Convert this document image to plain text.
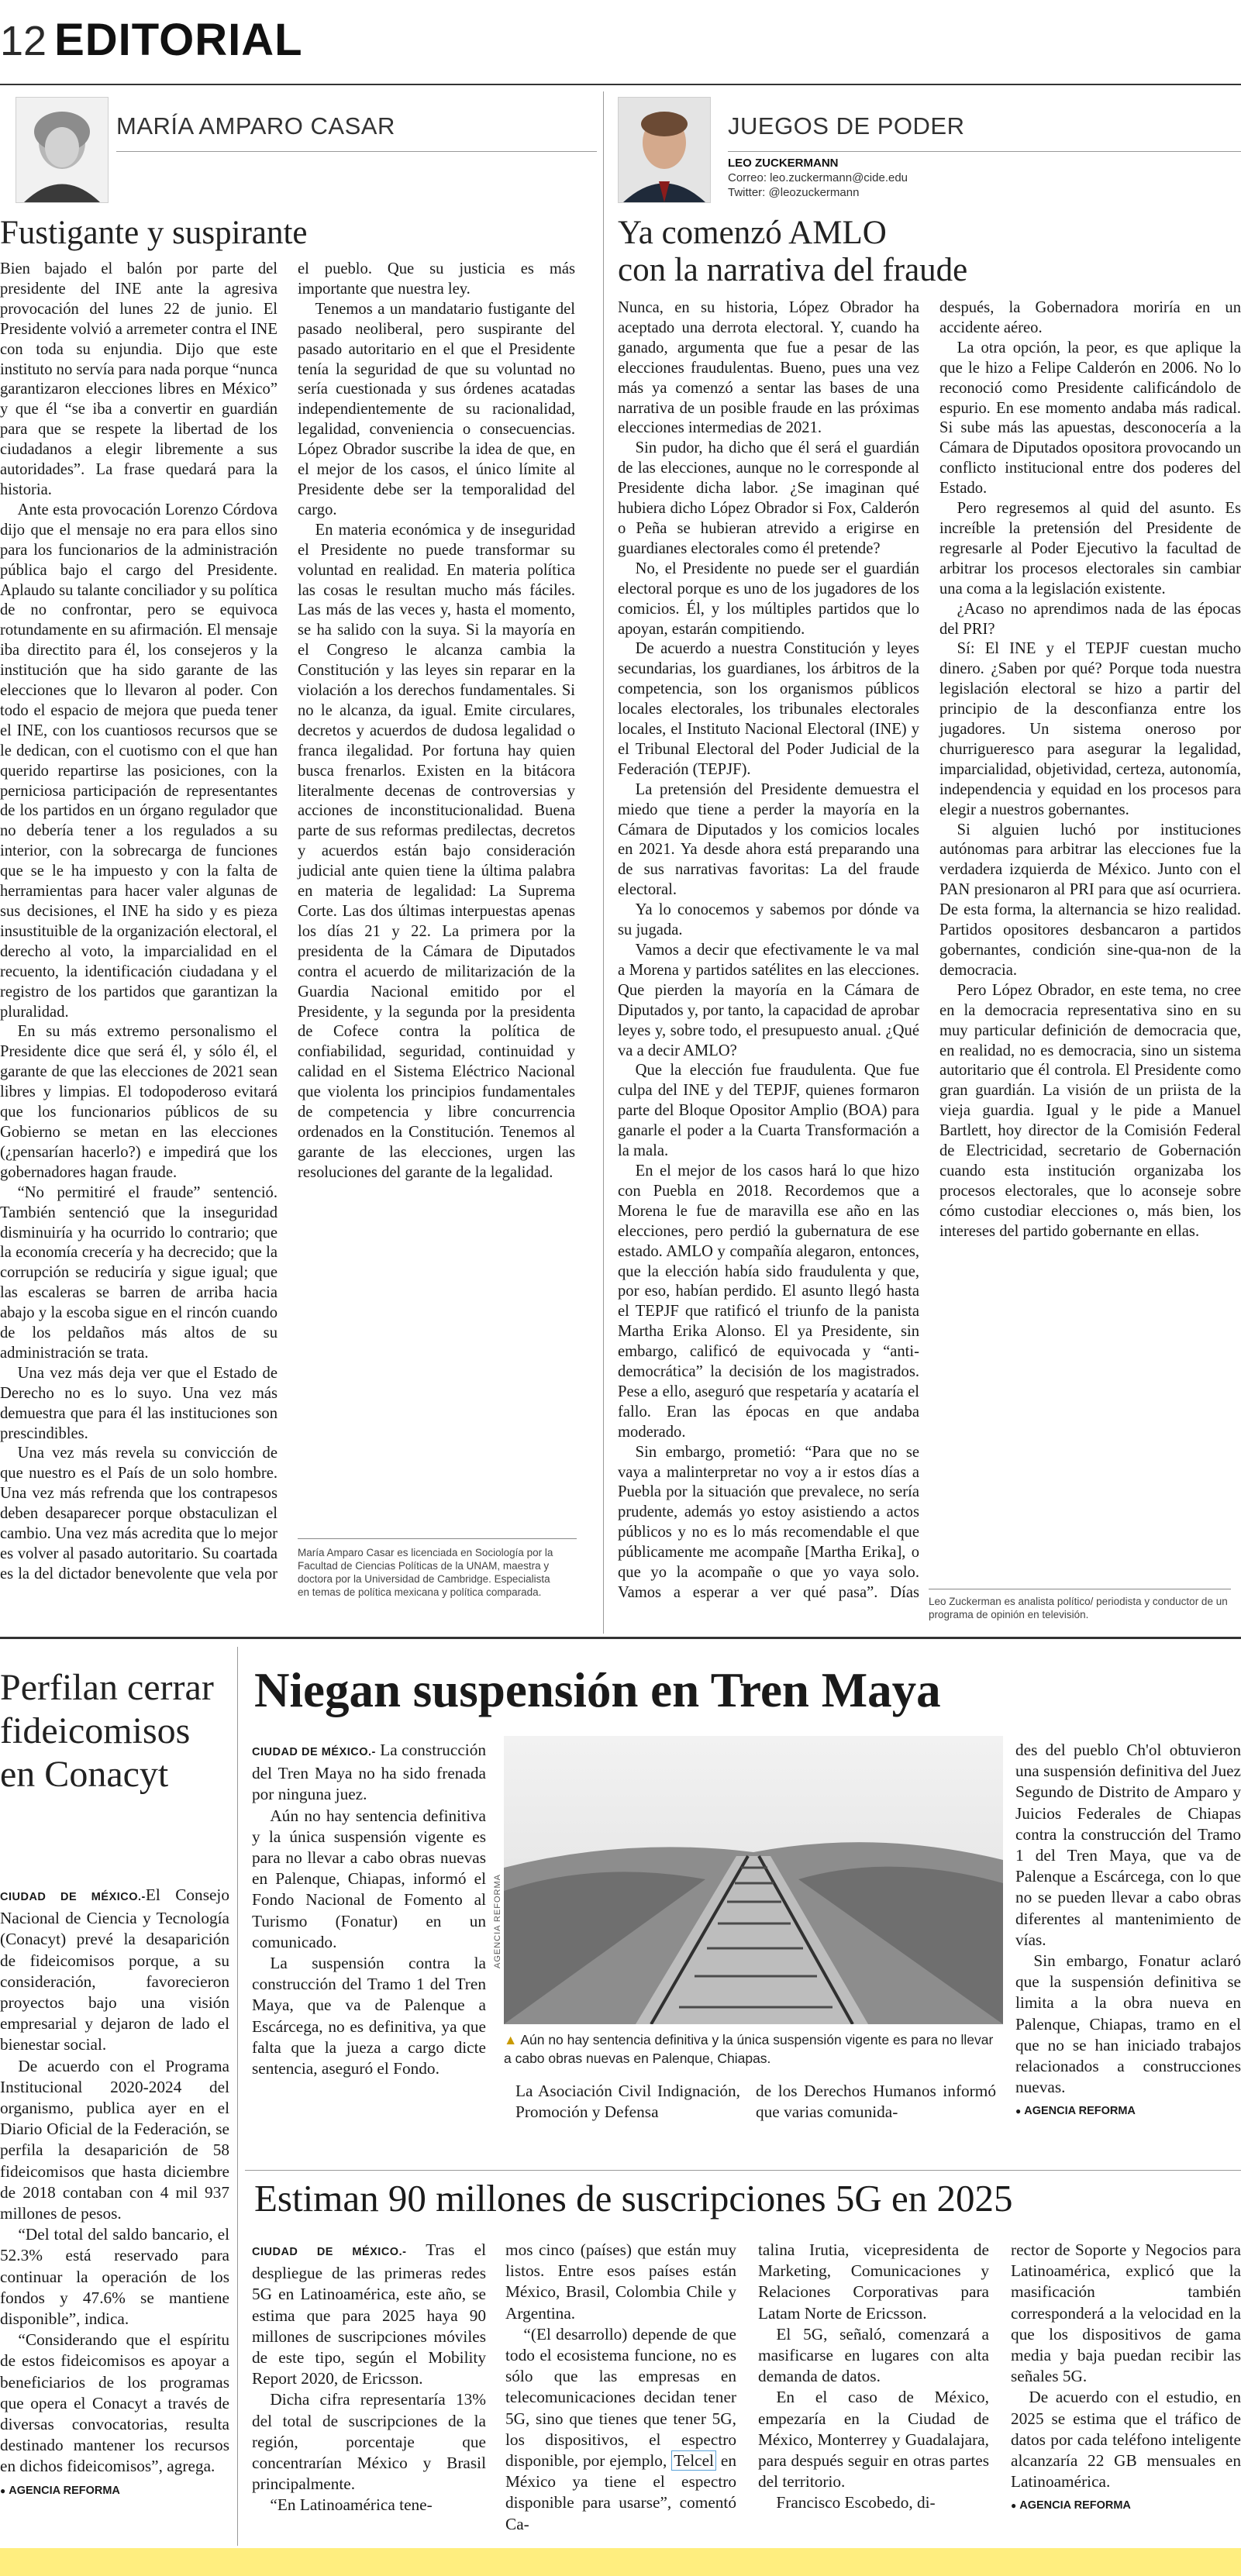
12 EDITORIAL
MARÍA AMPARO CASAR
Fustigante y suspirante

Bien bajado el balón por parte del presidente del INE ante la agresiva provocación del lunes 22 de junio. El Presidente volvió a arremeter contra el INE con toda su enjundia. Dijo que este instituto no servía para nada porque “nunca garantizaron elecciones libres en México” y que él “se iba a convertir en guardián para que se respete la libertad de los ciudadanos a elegir libremente a sus autoridades”. La frase quedará para la historia.

Ante esta provocación Lorenzo Córdova dijo que el mensaje no era para ellos sino para los funcionarios de la administración pública bajo el cargo del Presidente. Aplaudo su talante conciliador y su política de no confrontar, pero se equivoca rotundamente en su afirmación. El mensaje iba directito para él, los consejeros y la institución que ha sido garante de las elecciones que lo llevaron al poder. Con todo el espacio de mejora que pueda tener el INE, con los cuantiosos recursos que se le dedican, con el cuotismo con el que han querido repartirse las posiciones, con la perniciosa participación de representantes de los partidos en un órgano regulador que no debería tener a los regulados a su interior, con la sobrecarga de funciones que se le ha impuesto y con la falta de herramientas para hacer valer algunas de sus decisiones, el INE ha sido y es pieza insustituible de la organización electoral, el derecho al voto, la imparcialidad en el recuento, la identificación ciudadana y el registro de los partidos que garantizan la pluralidad.

En su más extremo personalismo el Presidente dice que será él, y sólo él, el garante de que las elecciones de 2021 sean libres y limpias. El todopoderoso evitará que los funcionarios públicos de su Gobierno se metan en las elecciones (¿pensarían hacerlo?) e impedirá que los gobernadores hagan fraude.

“No permitiré el fraude” sentenció. También sentenció que la inseguridad disminuiría y ha ocurrido lo contrario; que la economía crecería y ha decrecido; que la corrupción se reduciría y sigue igual; que las escaleras se barren de arriba hacia abajo y la escoba sigue en el rincón cuando de los peldaños más altos de su administración se trata.

Una vez más deja ver que el Estado de Derecho no es lo suyo. Una vez más demuestra que para él las instituciones son prescindibles.

Una vez más revela su convicción de que nuestro es el País de un solo hombre. Una vez más refrenda que los contrapesos deben desaparecer porque obstaculizan el cambio. Una vez más acredita que lo mejor es volver al pasado autoritario. Su coartada es la del dictador benevolente que vela por el pueblo. Que su justicia es más importante que nuestra ley.

Tenemos a un mandatario fustigante del pasado neoliberal, pero suspirante del pasado autoritario en el que el Presidente tenía la seguridad de que su voluntad no sería cuestionada y sus órdenes acatadas independientemente de su racionalidad, legalidad, conveniencia o consecuencias. López Obrador suscribe la idea de que, en el mejor de los casos, el único límite al Presidente debe ser la temporalidad del cargo.

En materia económica y de inseguridad el Presidente no puede transformar su voluntad en realidad. En materia política las cosas le resultan mucho más fáciles. Las más de las veces y, hasta el momento, se ha salido con la suya. Si la mayoría en el Congreso le alcanza cambia la Constitución y las leyes sin reparar en la violación a los derechos fundamentales. Si no le alcanza, da igual. Emite circulares, decretos y acuerdos de dudosa legalidad o franca ilegalidad. Por fortuna hay quien busca frenarlos. Existen en la bitácora literalmente decenas de controversias y acciones de inconstitucionalidad. Buena parte de sus reformas predilectas, decretos y acuerdos están bajo consideración judicial ante quien tiene la última palabra en materia de legalidad: La Suprema Corte. Las dos últimas interpuestas apenas los días 21 y 22. La primera por la presidenta de la Cámara de Diputados contra el acuerdo de militarización de la Guardia Nacional emitido por el Presidente, y la segunda por la presidenta de Cofece contra la política de confiabilidad, seguridad, continuidad y calidad en el Sistema Eléctrico Nacional que violenta los principios fundamentales de competencia y libre concurrencia ordenados en la Constitución. Tenemos al garante de las elecciones, urgen las resoluciones del garante de la legalidad.

María Amparo Casar es licenciada en Sociología por la Facultad de Ciencias Políticas de la UNAM, maestra y doctora por la Universidad de Cambridge. Especialista en temas de política mexicana y política comparada.
JUEGOS DE PODER
LEO ZUCKERMANN
Correo: leo.zuckermann@cide.edu
Twitter: @leozuckermann
Ya comenzó AMLO
con la narrativa del fraude

Nunca, en su historia, López Obrador ha aceptado una derrota electoral. Y, cuando ha ganado, argumenta que fue a pesar de las elecciones fraudulentas. Bueno, pues una vez más ya comenzó a sentar las bases de una narrativa de un posible fraude en las próximas elecciones intermedias de 2021.

Sin pudor, ha dicho que él será el guardián de las elecciones, aunque no le corresponde al Presidente dicha labor. ¿Se imaginan qué hubiera dicho López Obrador si Fox, Calderón o Peña se hubieran atrevido a erigirse en guardianes electorales como él pretende?

No, el Presidente no puede ser el guardián electoral porque es uno de los jugadores de los comicios. Él, y los múltiples partidos que lo apoyan, estarán compitiendo.

De acuerdo a nuestra Constitución y leyes secundarias, los guardianes, los árbitros de la competencia, son los organismos públicos locales electorales, los tribunales electorales locales, el Instituto Nacional Electoral (INE) y el Tribunal Electoral del Poder Judicial de la Federación (TEPJF).

La pretensión del Presidente demuestra el miedo que tiene a perder la mayoría en la Cámara de Diputados y los comicios locales en 2021. Ya desde ahora está preparando una de sus narrativas favoritas: La del fraude electoral.

Ya lo conocemos y sabemos por dónde va su jugada.

Vamos a decir que efectivamente le va mal a Morena y partidos satélites en las elecciones. Que pierden la mayoría en la Cámara de Diputados y, por tanto, la capacidad de aprobar leyes y, sobre todo, el presupuesto anual. ¿Qué va a decir AMLO?

Que la elección fue fraudulenta. Que fue culpa del INE y del TEPJF, quienes formaron parte del Bloque Opositor Amplio (BOA) para ganarle el poder a la Cuarta Transformación a la mala.

En el mejor de los casos hará lo que hizo con Puebla en 2018. Recordemos que a Morena le fue de maravilla ese año en las elecciones, pero perdió la gubernatura de ese estado. AMLO y compañía alegaron, entonces, que la elección había sido fraudulenta y que, por eso, habían perdido. El asunto llegó hasta el TEPJF que ratificó el triunfo de la panista Martha Erika Alonso. El ya Presidente, sin embargo, calificó de equivocada y “anti-democrática” la decisión de los magistrados. Pese a ello, aseguró que respetaría y acataría el fallo. Eran las épocas en que andaba moderado.

Sin embargo, prometió: “Para que no se vaya a malinterpretar no voy a ir estos días a Puebla por la situación que prevalece, no sería prudente, además yo estoy asistiendo a actos públicos y no es lo más recomendable el que públicamente me acompañe [Martha Erika], o que yo la acompañe o que yo vaya solo. Vamos a esperar a ver qué pasa”. Días después, la Gobernadora moriría en un accidente aéreo.

La otra opción, la peor, es que aplique la que le hizo a Felipe Calderón en 2006. No lo reconoció como Presidente calificándolo de espurio. En ese momento andaba más radical. Si sube más las apuestas, desconocería a la Cámara de Diputados opositora provocando un conflicto institucional entre dos poderes del Estado.

Pero regresemos al quid del asunto. Es increíble la pretensión del Presidente de regresarle al Poder Ejecutivo la facultad de arbitrar los procesos electorales sin cambiar una coma a la legislación existente.

¿Acaso no aprendimos nada de las épocas del PRI?

Sí: El INE y el TEPJF cuestan mucho dinero. ¿Saben por qué? Porque toda nuestra legislación electoral se hizo a partir del principio de la desconfianza entre los jugadores. Un sistema oneroso por churrigueresco para asegurar la legalidad, imparcialidad, objetividad, certeza, autonomía, independencia y equidad en los procesos para elegir a nuestros gobernantes.

Si alguien luchó por instituciones autónomas para arbitrar las elecciones fue la verdadera izquierda de México. Junto con el PAN presionaron al PRI para que así ocurriera. De esta forma, la alternancia se hizo realidad. Partidos opositores desbancaron a partidos gobernantes, condición sine-qua-non de la democracia.

Pero López Obrador, en este tema, no cree en la democracia representativa sino en su muy particular definición de democracia que, en realidad, no es democracia, sino un sistema autoritario que él controla. El Presidente como gran guardián. La visión de un priista de la vieja guardia. Igual y le pide a Manuel Bartlett, hoy director de la Comisión Federal de Electricidad, secretario de Gobernación cuando esta institución organizaba los procesos electorales, que lo aconseje sobre cómo custodiar elecciones o, más bien, los intereses del partido gobernante en ellas.

Leo Zuckerman es analista político/ periodista y conductor de un programa de opinión en televisión.
Perfilan cerrar fideicomisos en Conacyt

CIUDAD DE MÉXICO.-El Consejo Nacional de Ciencia y Tecnología (Conacyt) prevé la desaparición de fideicomisos porque, a su consideración, favorecieron proyectos bajo una visión empresarial y dejaron de lado el bienestar social.

De acuerdo con el Programa Institucional 2020-2024 del organismo, publica ayer en el Diario Oficial de la Federación, se perfila la desaparición de 58 fideicomisos que hasta diciembre de 2018 contaban con 4 mil 937 millones de pesos.

“Del total del saldo bancario, el 52.3% está reservado para continuar la operación de los fondos y 47.6% se mantiene disponible”, indica.

“Considerando que el espíritu de estos fideicomisos es apoyar a beneficiarios de los programas que opera el Conacyt a través de diversas convocatorias, resulta destinado mantener los recursos en dichos fideicomisos”, agrega.

● AGENCIA REFORMA
Niegan suspensión en Tren Maya

CIUDAD DE MÉXICO.- La construcción del Tren Maya no ha sido frenada por ninguna juez.

Aún no hay sentencia definitiva y la única suspensión vigente es para no llevar a cabo obras nuevas en Palenque, Chiapas, informó el Fondo Nacional de Fomento al Turismo (Fonatur) en un comunicado.

La suspensión contra la construcción del Tramo 1 del Tren Maya, que va de Palenque a Escárcega, no es definitiva, ya que falta que la jueza a cargo dicte sentencia, aseguró el Fondo.

AGENCIA REFORMA
▲ Aún no hay sentencia definitiva y la única suspensión vigente es para no llevar a cabo obras nuevas en Palenque, Chiapas.

La Asociación Civil Indignación, Promoción y Defensa

de los Derechos Humanos informó que varias comunida-

des del pueblo Ch'ol obtuvieron una suspensión definitiva del Juez Segundo de Distrito de Amparo y Juicios Federales de Chiapas contra la construcción del Tramo 1 del Tren Maya, que va de Palenque a Escárcega, con lo que no se pueden llevar a cabo obras diferentes al mantenimiento de vías.

Sin embargo, Fonatur aclaró que la suspensión definitiva se limita a la obra nueva en Palenque, Chiapas, tramo en el que no se han iniciado trabajos relacionados a construcciones nuevas.

● AGENCIA REFORMA
Estiman 90 millones de suscripciones 5G en 2025

CIUDAD DE MÉXICO.- Tras el despliegue de las primeras redes 5G en Latinoamérica, este año, se estima que para 2025 haya 90 millones de suscripciones móviles de este tipo, según el Mobility Report 2020, de Ericsson.

Dicha cifra representaría 13% del total de suscripciones de la región, porcentaje que concentrarían México y Brasil principalmente.

“En Latinoamérica tene-

mos cinco (países) que están muy listos. Entre esos países están México, Brasil, Colombia Chile y Argentina.

“(El desarrollo) depende de que todo el ecosistema funcione, no es sólo que las empresas en telecomunicaciones decidan tener 5G, sino que tienes que tener 5G, los dispositivos, el espectro disponible, por ejemplo, Telcel en México ya tiene el espectro disponible para usarse”, comentó Ca-

talina Irutia, vicepresidenta de Marketing, Comunicaciones y Relaciones Corporativas para Latam Norte de Ericsson.

El 5G, señaló, comenzará a masificarse en lugares con alta demanda de datos.

En el caso de México, empezaría en la Ciudad de México, Monterrey y Guadalajara, para después seguir en otras partes del territorio.

Francisco Escobedo, di-

rector de Soporte y Negocios para Latinoamérica, explicó que la masificación también corresponderá a la velocidad en la que los dispositivos de gama media y baja puedan recibir las señales 5G.

De acuerdo con el estudio, en 2025 se estima que el tráfico de datos por cada teléfono inteligente alcanzaría 22 GB mensuales en Latinoamérica.

● AGENCIA REFORMA
